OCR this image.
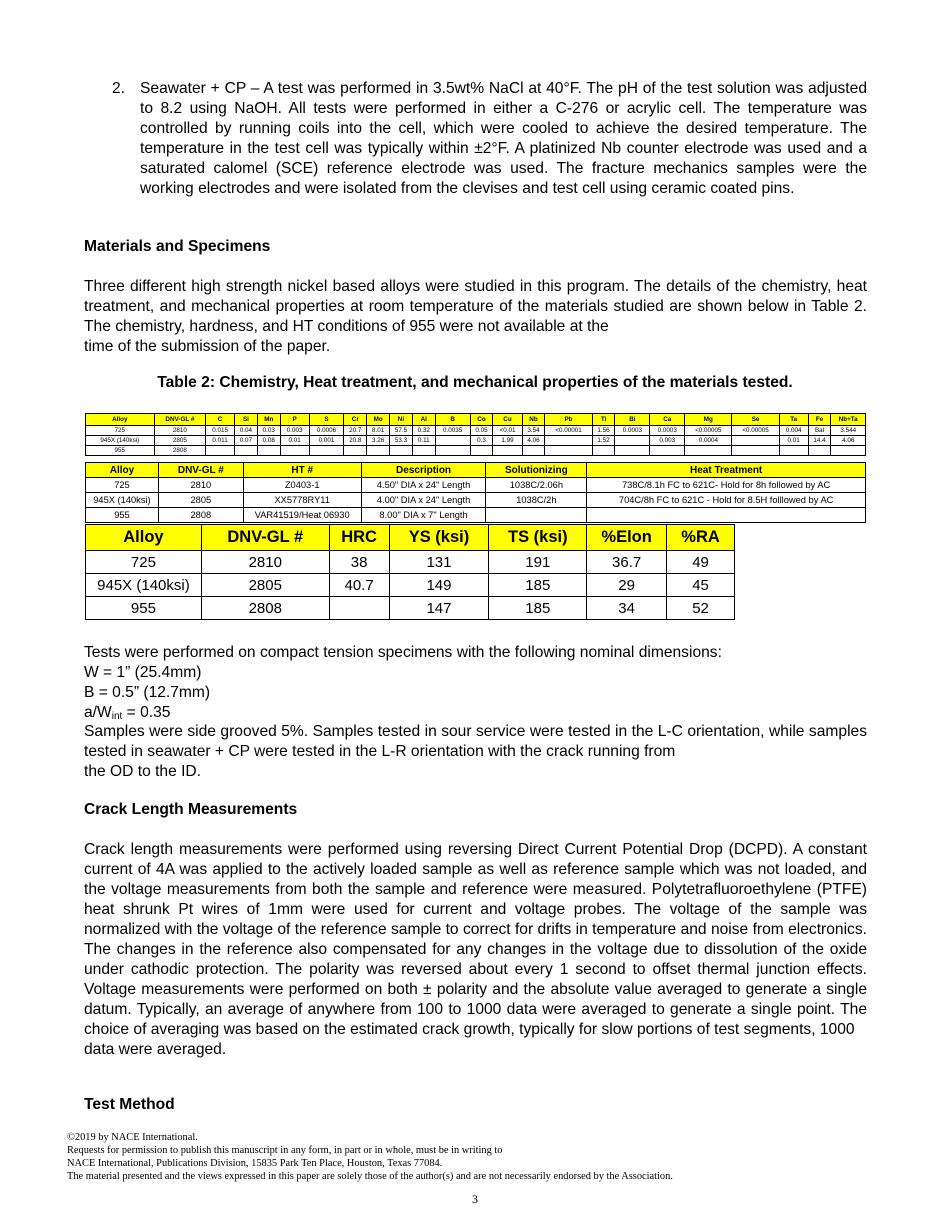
2. Seawater + CP – A test was performed in 3.5wt% NaCl at 40°F. The pH of the test solution was adjusted to 8.2 using NaOH. All tests were performed in either a C-276 or acrylic cell. The temperature was controlled by running coils into the cell, which were cooled to achieve the desired temperature. The temperature in the test cell was typically within ±2°F. A platinized Nb counter electrode was used and a saturated calomel (SCE) reference electrode was used. The fracture mechanics samples were the working electrodes and were isolated from the clevises and test cell using ceramic coated pins.
Materials and Specimens

Three different high strength nickel based alloys were studied in this program. The details of the chemistry, heat treatment, and mechanical properties at room temperature of the materials studied are shown below in Table 2. The chemistry, hardness, and HT conditions of 955 were not available at the
time of the submission of the paper.

Table 2: Chemistry, Heat treatment, and mechanical properties of the materials tested.
Alloy	DNV-GL #	C	Si	Mn	P	S	Cr	Mo	Ni	Al	B	Co	Cu	Nb	Pb	Ti	Bi	Ca	Mg	Se	Ta	Fe	Nb+Ta
725	2810	0.015	0.04	0.03	0.003	0.0006	20.7	8.01	57.5	0.32	0.0035	0.05	<0.01	3.54	<0.00001	1.56	0.0003	0.0003	<0.00005	<0.00005	0.004	Bal	3.544
945X (140ksi)	2805	0.011	0.07	0.08	0.01	0.001	20.8	3.26	53.3	0.11		0.3	1.99	4.06		1.52		0.003	0.0004		0.01	14.4	4.06
955	2808																						
Alloy	DNV-GL #	HT #	Description	Solutionizing	Heat Treatment
725	2810	Z0403-1	4.50" DIA x 24" Length	1038C/2.06h	738C/8.1h FC to 621C- Hold for 8h followed by AC
945X (140ksi)	2805	XX5778RY11	4.00" DIA x 24" Length	1038C/2h	704C/8h FC to 621C - Hold for 8.5H folllowed by AC
955	2808	VAR41519/Heat 06930	8.00" DIA x 7" Length		
Alloy	DNV-GL #	HRC	YS (ksi)	TS (ksi)	%Elon	%RA
725	2810	38	131	191	36.7	49
945X (140ksi)	2805	40.7	149	185	29	45
955	2808		147	185	34	52
Tests were performed on compact tension specimens with the following nominal dimensions:
W = 1” (25.4mm)
B = 0.5” (12.7mm)
$a/W_{int} = 0.35$

Samples were side grooved 5%. Samples tested in sour service were tested in the L-C orientation, while samples tested in seawater + CP were tested in the L-R orientation with the crack running from
the OD to the ID.

Crack Length Measurements

Crack length measurements were performed using reversing Direct Current Potential Drop (DCPD). A constant current of 4A was applied to the actively loaded sample as well as reference sample which was not loaded, and the voltage measurements from both the sample and reference were measured. Polytetrafluoroethylene (PTFE) heat shrunk Pt wires of 1mm were used for current and voltage probes. The voltage of the sample was normalized with the voltage of the reference sample to correct for drifts in temperature and noise from electronics. The changes in the reference also compensated for any changes in the voltage due to dissolution of the oxide under cathodic protection. The polarity was reversed about every 1 second to offset thermal junction effects. Voltage measurements were performed on both ± polarity and the absolute value averaged to generate a single datum. Typically, an average of anywhere from 100 to 1000 data were averaged to generate a single point. The choice of averaging was based on the estimated crack growth, typically for slow portions of test segments, 1000
data were averaged.

Test Method
©2019 by NACE International.
Requests for permission to publish this manuscript in any form, in part or in whole, must be in writing to
NACE International, Publications Division, 15835 Park Ten Place, Houston, Texas 77084.
The material presented and the views expressed in this paper are solely those of the author(s) and are not necessarily endorsed by the Association.
3
